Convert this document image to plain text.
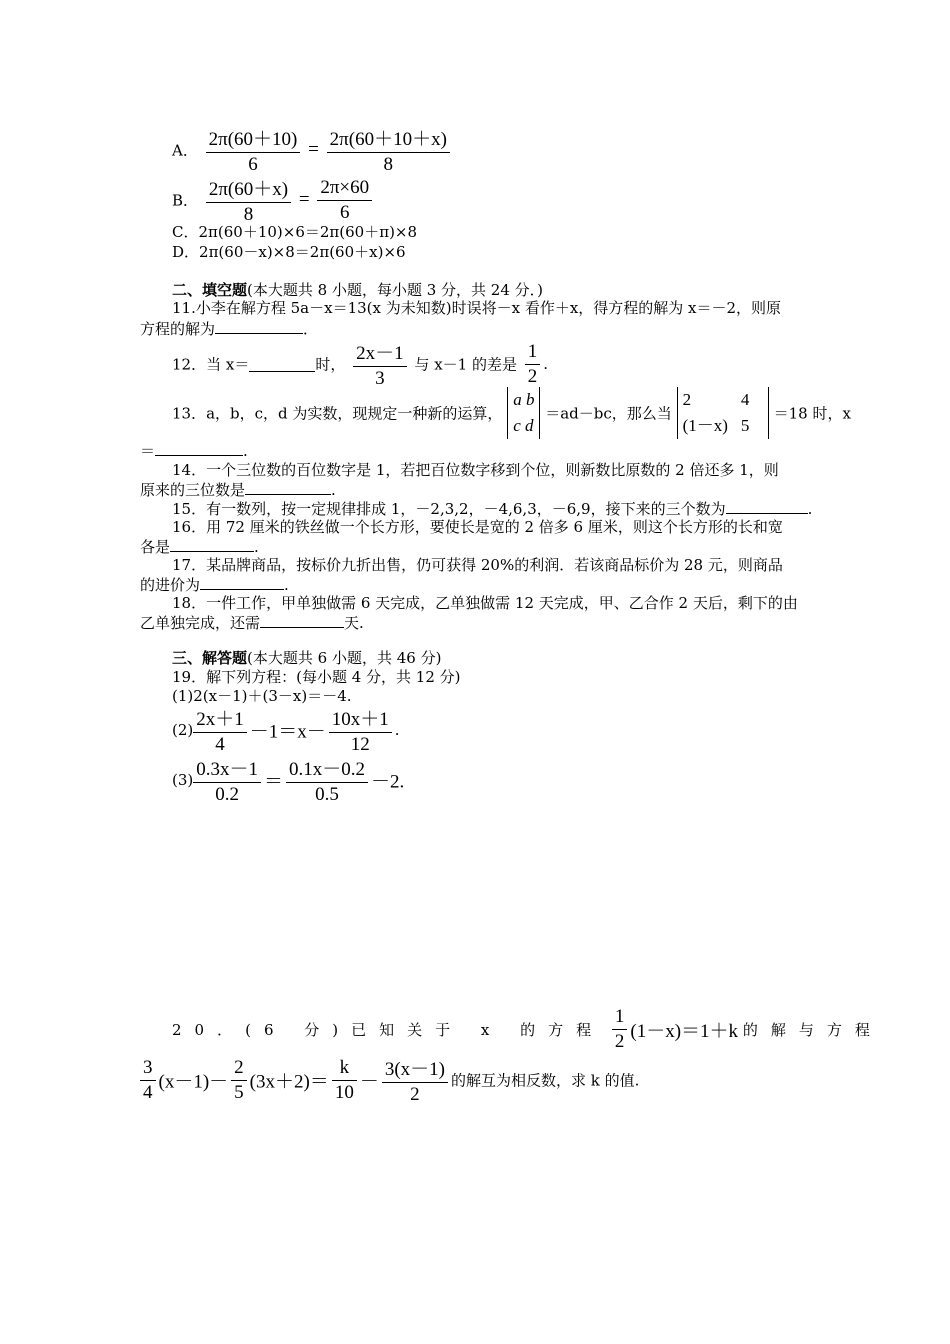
A． $\frac{2\pi(60+10)}{6} = \frac{2\pi(60+10+x)}{8}$
B． $\frac{2\pi(60+x)}{8} = \frac{2\pi\times 60}{6}$
C．2π(60＋10)×6＝2π(60＋π)×8
D．2π(60－x)×8＝2π(60＋x)×6
二、填空题(本大题共 8 小题，每小题 3 分，共 24 分．)
11.小李在解方程 5a－x＝13(x 为未知数)时误将－x 看作＋x，得方程的解为 x＝－2，则原
方程的解为	．
12．当 x＝	时， $\frac{2x-1}{3}$ 与 x－1 的差是 $\frac{1}{2}$ .
13．a，b，c，d 为实数，现规定一种新的运算，
a b
c d
＝ad－bc，那么当
2	4
(1－x) 5
＝18 时，x
＝	.
14．一个三位数的百位数字是 1，若把百位数字移到个位，则新数比原数的 2 倍还多 1，则
原来的三位数是	.
15．有一数列，按一定规律排成 1，－2,3,2，－4,6,3，－6,9，接下来的三个数为	.
16．用 72 厘米的铁丝做一个长方形，要使长是宽的 2 倍多 6 厘米，则这个长方形的长和宽
各是	.
17．某品牌商品，按标价九折出售，仍可获得 20%的利润．若该商品标价为 28 元，则商品
的进价为	.
18．一件工作，甲单独做需 6 天完成，乙单独做需 12 天完成，甲、乙合作 2 天后，剩下的由
乙单独完成，还需	天.
三、解答题(本大题共 6 小题，共 46 分)
19．解下列方程：(每小题 4 分，共 12 分)
(1)2(x－1)＋(3－x)＝－4.
$(2) \frac{2x+1}{4} -1=x- \frac{10x+1}{12}$ .
$(3) \frac{0.3x-1}{0.2} = \frac{0.1x-0.2}{0.5} -2$.
20．(6 分)已知关于 x 的方程 $\frac{1}{2} (1-x)=1+k$ 的解与方程
$\frac{3}{4} (x-1)- \frac{2}{5} (3x+2)= \frac{k}{10} - \frac{3(x-1)}{2}$ 的解互为相反数，求 k 的值.
